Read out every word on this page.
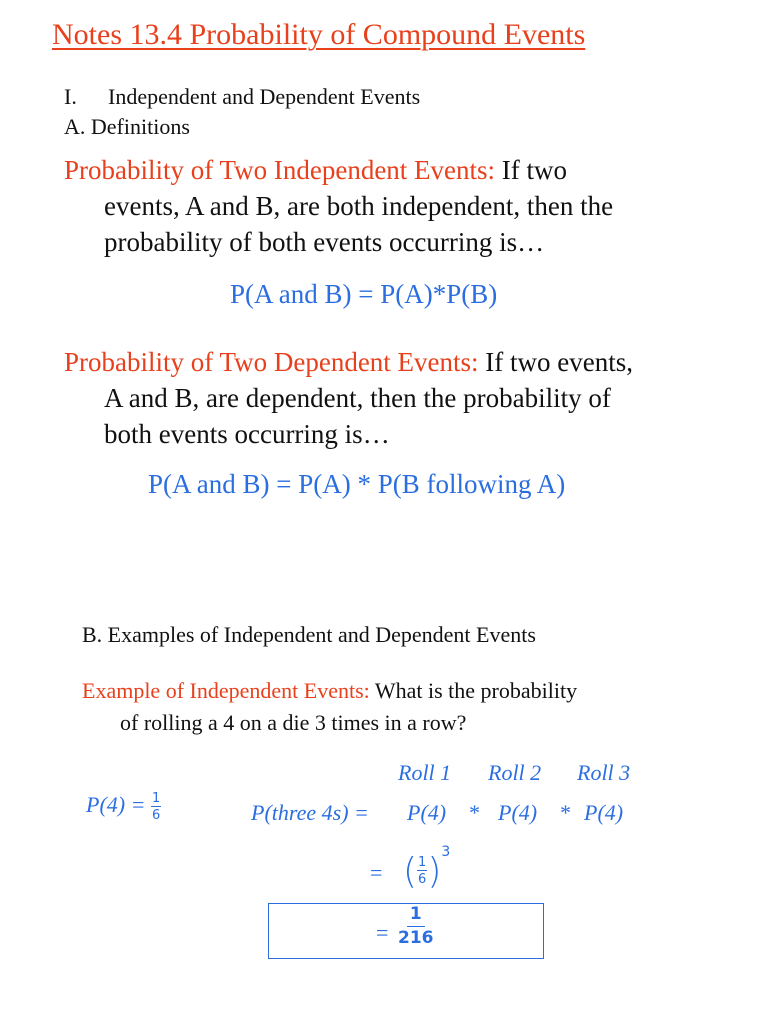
Notes 13.4 Probability of Compound Events
I. Independent and Dependent Events
A. Definitions
Probability of Two Independent Events: If two
events, A and B, are both independent, then the
probability of both events occurring is…
P(A and B) = P(A)*P(B)
Probability of Two Dependent Events: If two events,
A and B, are dependent, then the probability of
both events occurring is…
P(A and B) = P(A) * P(B following A)
B. Examples of Independent and Dependent Events
Example of Independent Events: What is the probability
of rolling a 4 on a die 3 times in a row?
Roll 1 Roll 2 Roll 3
$P(4) = \frac{1}{6}$	P(three 4s) = P(4) * P(4) * P(4)
= ( $\frac{1}{6}$ ) 3
= $\frac{1}{216}$
